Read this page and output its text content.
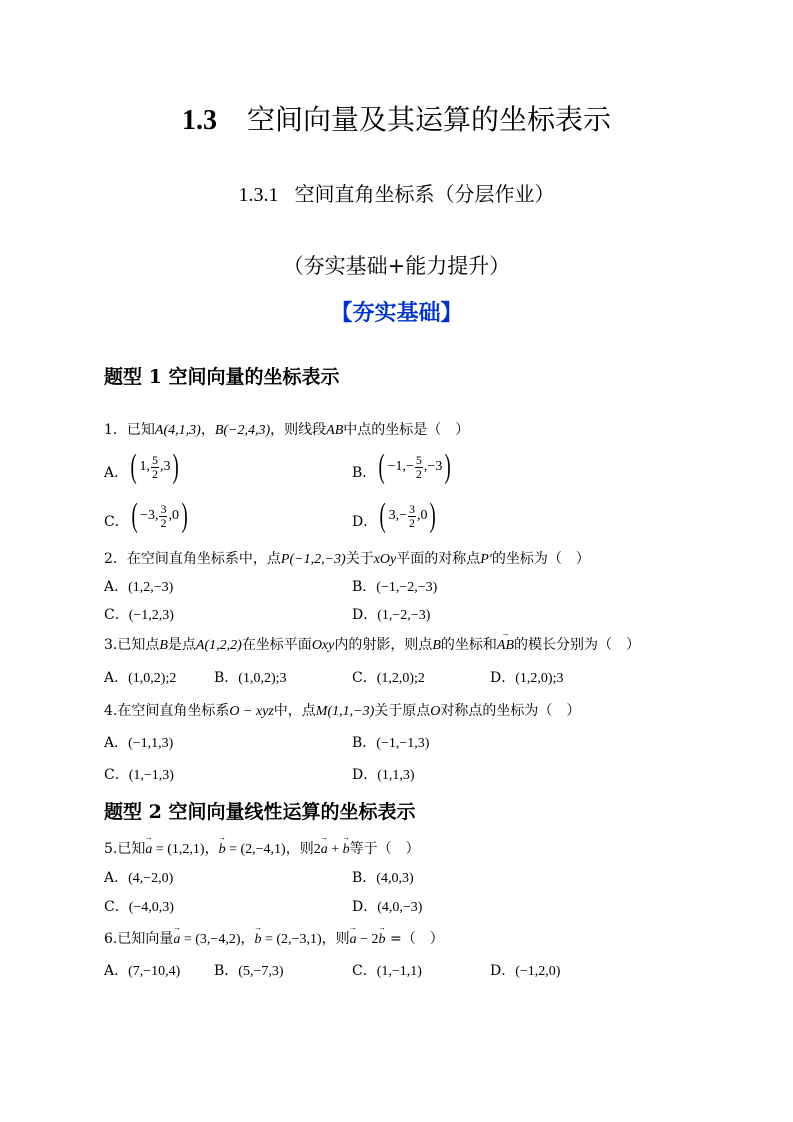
1.3 空间向量及其运算的坐标表示
1.3.1 空间直角坐标系（分层作业）
（夯实基础+能力提升）
【夯实基础】
题型 1 空间向量的坐标表示
1．已知A(4,1,3)，B(−2,4,3)，则线段AB中点的坐标是（　）
A． ( 1, $\frac{5}{2} ,3$ )	B． ( $-1,- \frac{5}{2} ,-3$ )
C． ( −3, $\frac{3}{2} ,0$ )	D． ( $3,- \frac{3}{2} ,0$ )
2．在空间直角坐标系中，点P(−1,2,−3)关于xOy平面的对称点P′的坐标为（　）
A．(1,2,−3)	B．(−1,−2,−3)
C．(−1,2,3)	D．(1,−2,−3)
3.已知点B是点A(1,2,2)在坐标平面Oxy内的射影，则点B的坐标和→ AB的模长分别为（　）
A．(1,0,2);2	B．(1,0,2);3	C．(1,2,0);2	D．(1,2,0);3
4.在空间直角坐标系O − xyz中，点M(1,1,−3)关于原点O对称点的坐标为（　）
A．(−1,1,3)	B．(−1,−1,3)
C．(1,−1,3)	D．(1,1,3)
题型 2 空间向量线性运算的坐标表示
5.已知→ a = (1,2,1)，→ b = (2,−4,1)，则2→ a + → b等于（　）
A．(4,−2,0)	B．(4,0,3)
C．(−4,0,3)	D．(4,0,−3)
6.已知向量→ a = (3,−4,2)，→ b = (2,−3,1)，则→ a − 2→ b =（　）
A．(7,−10,4) B．(5,−7,3)	C．(1,−1,1)	D．(−1,2,0)
